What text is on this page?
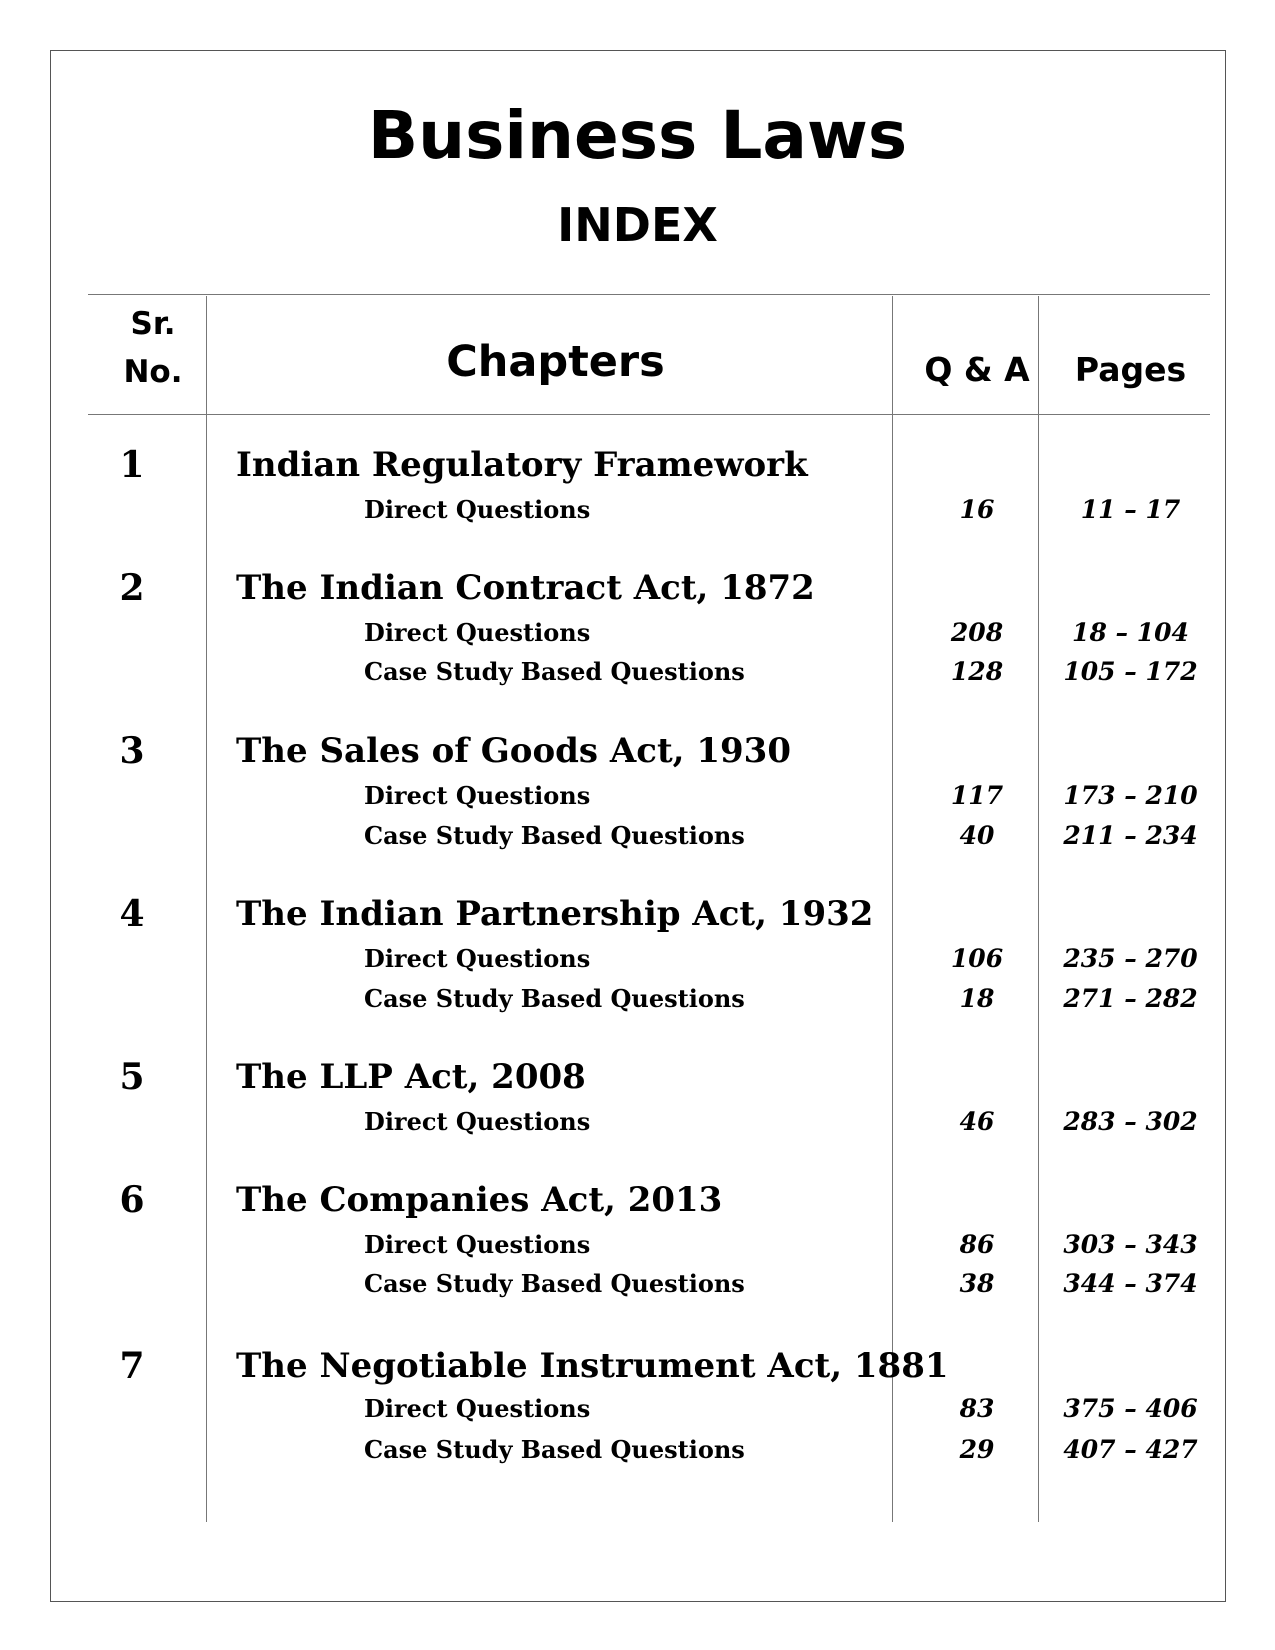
Business Laws
INDEX
Sr.
No.	Chapters	Q & A	Pages
1	Indian Regulatory Framework
Direct Questions	16	11 – 17
2	The Indian Contract Act, 1872
Direct Questions	208	18 – 104
Case Study Based Questions	128	105 – 172
3	The Sales of Goods Act, 1930
Direct Questions	117	173 – 210
Case Study Based Questions	40	211 – 234
4	The Indian Partnership Act, 1932
Direct Questions	106	235 – 270
Case Study Based Questions	18	271 – 282
5	The LLP Act, 2008
Direct Questions	46	283 – 302
6	The Companies Act, 2013
Direct Questions	86	303 – 343
Case Study Based Questions	38	344 – 374
7	The Negotiable Instrument Act, 1881
Direct Questions	83	375 – 406
Case Study Based Questions	29	407 – 427
